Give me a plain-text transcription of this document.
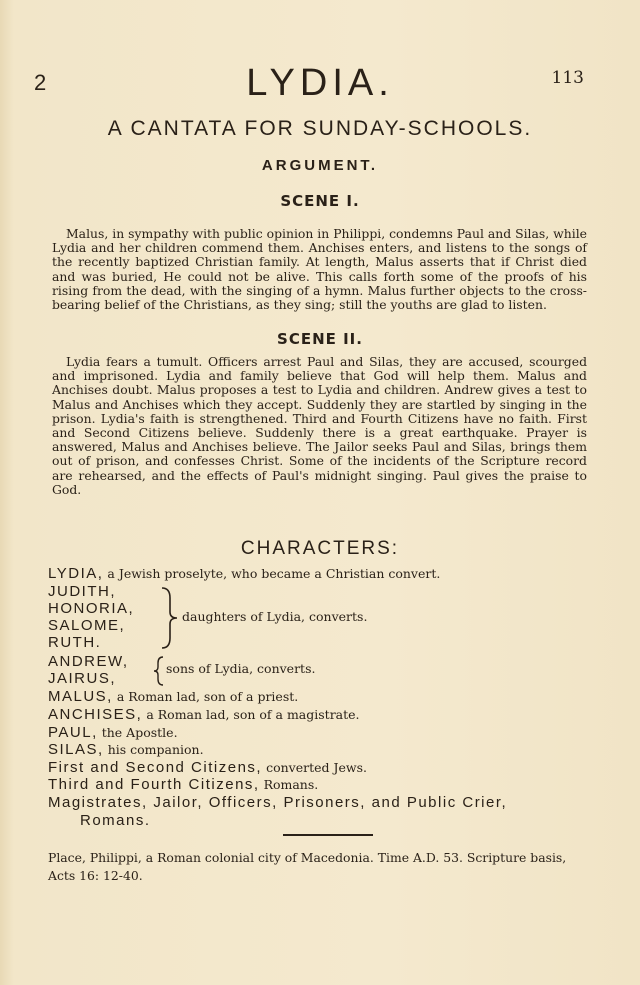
2	LYDIA.	113
A CANTATA FOR SUNDAY-SCHOOLS.
ARGUMENT.
SCENE I.
Malus, in sympathy with public opinion in Philippi, condemns Paul and Silas, while Lydia and her children commend them. Anchises enters, and listens to the songs of the recently baptized Christian family. At length, Malus asserts that if Christ died and was buried, He could not be alive. This calls forth some of the proofs of his rising from the dead, with the singing of a hymn. Malus further objects to the cross-bearing belief of the Christians, as they sing; still the youths are glad to listen.
SCENE II.
Lydia fears a tumult. Officers arrest Paul and Silas, they are accused, scourged and imprisoned. Lydia and family believe that God will help them. Malus and Anchises doubt. Malus proposes a test to Lydia and children. Andrew gives a test to Malus and Anchises which they accept. Suddenly they are startled by singing in the prison. Lydia's faith is strengthened. Third and Fourth Citizens have no faith. First and Second Citizens believe. Suddenly there is a great earthquake. Prayer is answered, Malus and Anchises believe. The Jailor seeks Paul and Silas, brings them out of prison, and confesses Christ. Some of the incidents of the Scripture record are rehearsed, and the effects of Paul's midnight singing. Paul gives the praise to God.
CHARACTERS:
LYDIA, a Jewish proselyte, who became a Christian convert.
JUDITH,
HONORIA,
SALOME,
RUTH.
daughters of Lydia, converts.
ANDREW,
JAIRUS,
sons of Lydia, converts.
MALUS, a Roman lad, son of a priest.
ANCHISES, a Roman lad, son of a magistrate.
PAUL, the Apostle.
SILAS, his companion.
First and Second Citizens, converted Jews.
Third and Fourth Citizens, Romans.
Magistrates, Jailor, Officers, Prisoners, and Public Crier,
Romans.
Place, Philippi, a Roman colonial city of Macedonia. Time A.D. 53. Scripture basis, Acts 16: 12-40.
